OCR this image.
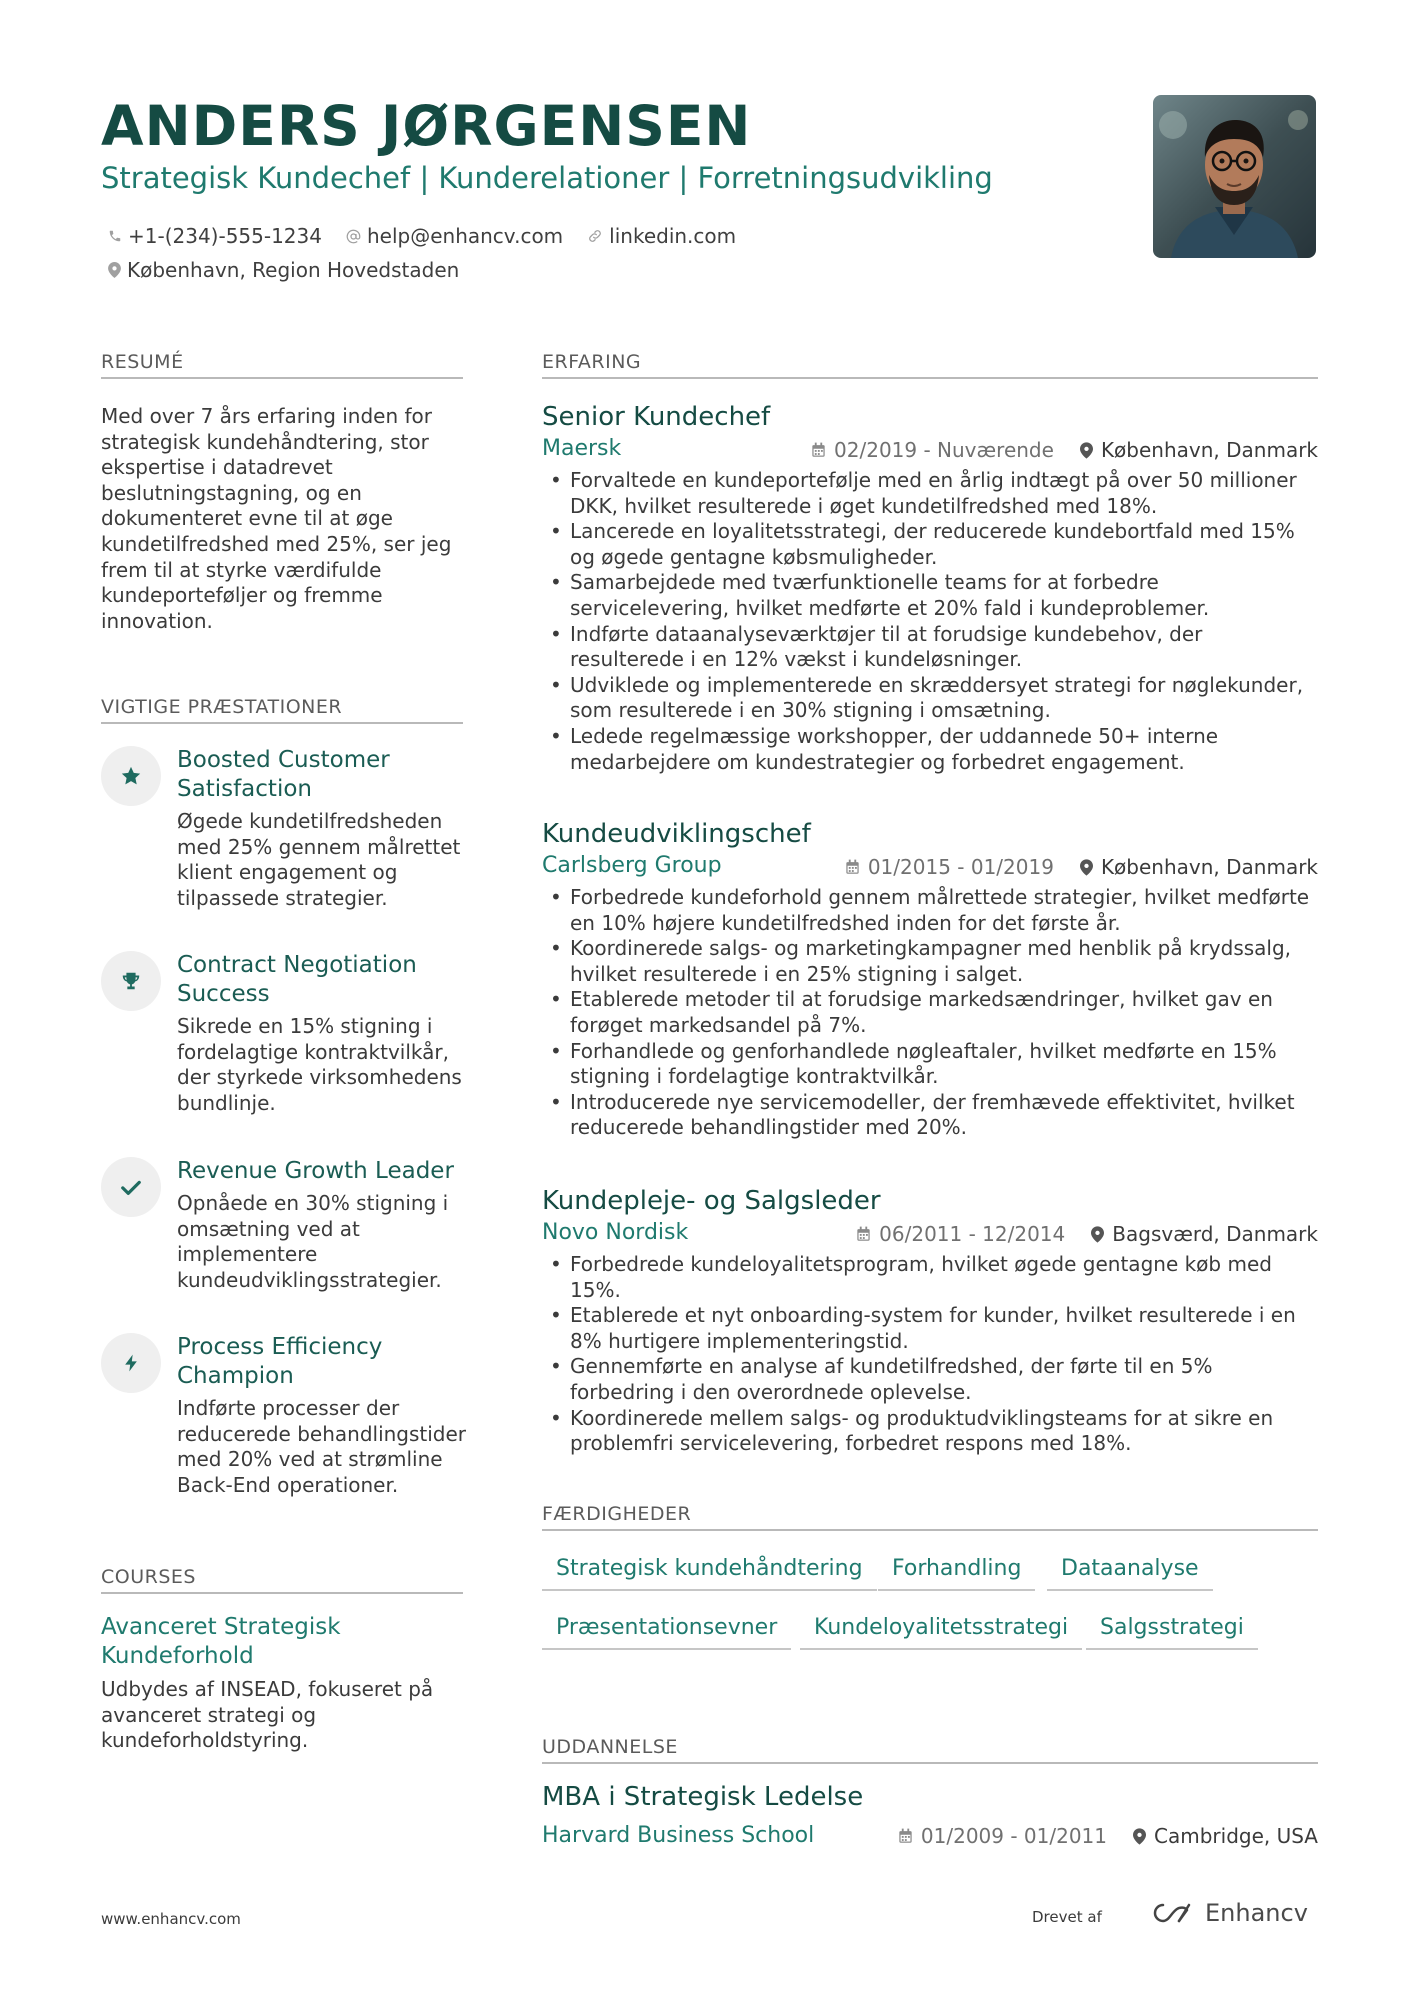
ANDERS JØRGENSEN
Strategisk Kundechef | Kunderelationer | Forretningsudvikling
+1-(234)-555-1234 help@enhancv.com linkedin.com
København, Region Hovedstaden
RESUMÉ
Med over 7 års erfaring inden for strategisk kundehåndtering, stor ekspertise i datadrevet beslutningstagning, og en dokumenteret evne til at øge kundetilfredshed med 25%, ser jeg frem til at styrke værdifulde kundeporteføljer og fremme innovation.
VIGTIGE PRÆSTATIONER
Boosted Customer Satisfaction
Øgede kundetilfredsheden med 25% gennem målrettet klient engagement og tilpassede strategier.
Contract Negotiation Success
Sikrede en 15% stigning i fordelagtige kontraktvilkår, der styrkede virksomhedens bundlinje.
Revenue Growth Leader
Opnåede en 30% stigning i omsætning ved at implementere kundeudviklingsstrategier.
Process Efficiency Champion
Indførte processer der reducerede behandlingstider med 20% ved at strømline Back-End operationer.
COURSES
Avanceret Strategisk Kundeforhold
Udbydes af INSEAD, fokuseret på avanceret strategi og kundeforholdstyring.
ERFARING
Senior Kundechef
Maersk	02/2019 - Nuværende København, Danmark
• Forvaltede en kundeportefølje med en årlig indtægt på over 50 millioner DKK, hvilket resulterede i øget kundetilfredshed med 18%.
• Lancerede en loyalitetsstrategi, der reducerede kundebortfald med 15% og øgede gentagne købsmuligheder.
• Samarbejdede med tværfunktionelle teams for at forbedre servicelevering, hvilket medførte et 20% fald i kundeproblemer.
• Indførte dataanalyseværktøjer til at forudsige kundebehov, der resulterede i en 12% vækst i kundeløsninger.
• Udviklede og implementerede en skræddersyet strategi for nøglekunder, som resulterede i en 30% stigning i omsætning.
• Ledede regelmæssige workshopper, der uddannede 50+ interne medarbejdere om kundestrategier og forbedret engagement.
Kundeudviklingschef
Carlsberg Group	01/2015 - 01/2019 København, Danmark
• Forbedrede kundeforhold gennem målrettede strategier, hvilket medførte en 10% højere kundetilfredshed inden for det første år.
• Koordinerede salgs- og marketingkampagner med henblik på krydssalg, hvilket resulterede i en 25% stigning i salget.
• Etablerede metoder til at forudsige markedsændringer, hvilket gav en forøget markedsandel på 7%.
• Forhandlede og genforhandlede nøgleaftaler, hvilket medførte en 15% stigning i fordelagtige kontraktvilkår.
• Introducerede nye servicemodeller, der fremhævede effektivitet, hvilket reducerede behandlingstider med 20%.
Kundepleje- og Salgsleder
Novo Nordisk	06/2011 - 12/2014 Bagsværd, Danmark
• Forbedrede kundeloyalitetsprogram, hvilket øgede gentagne køb med 15%.
• Etablerede et nyt onboarding-system for kunder, hvilket resulterede i en 8% hurtigere implementeringstid.
• Gennemførte en analyse af kundetilfredshed, der førte til en 5% forbedring i den overordnede oplevelse.
• Koordinerede mellem salgs- og produktudviklingsteams for at sikre en problemfri servicelevering, forbedret respons med 18%.
FÆRDIGHEDER
Strategisk kundehåndtering	Forhandling	Dataanalyse
Præsentationsevner	Kundeloyalitetsstrategi	Salgsstrategi
UDDANNELSE
MBA i Strategisk Ledelse
Harvard Business School	01/2009 - 01/2011 Cambridge, USA
www.enhancv.com	Drevet af	Enhancv
